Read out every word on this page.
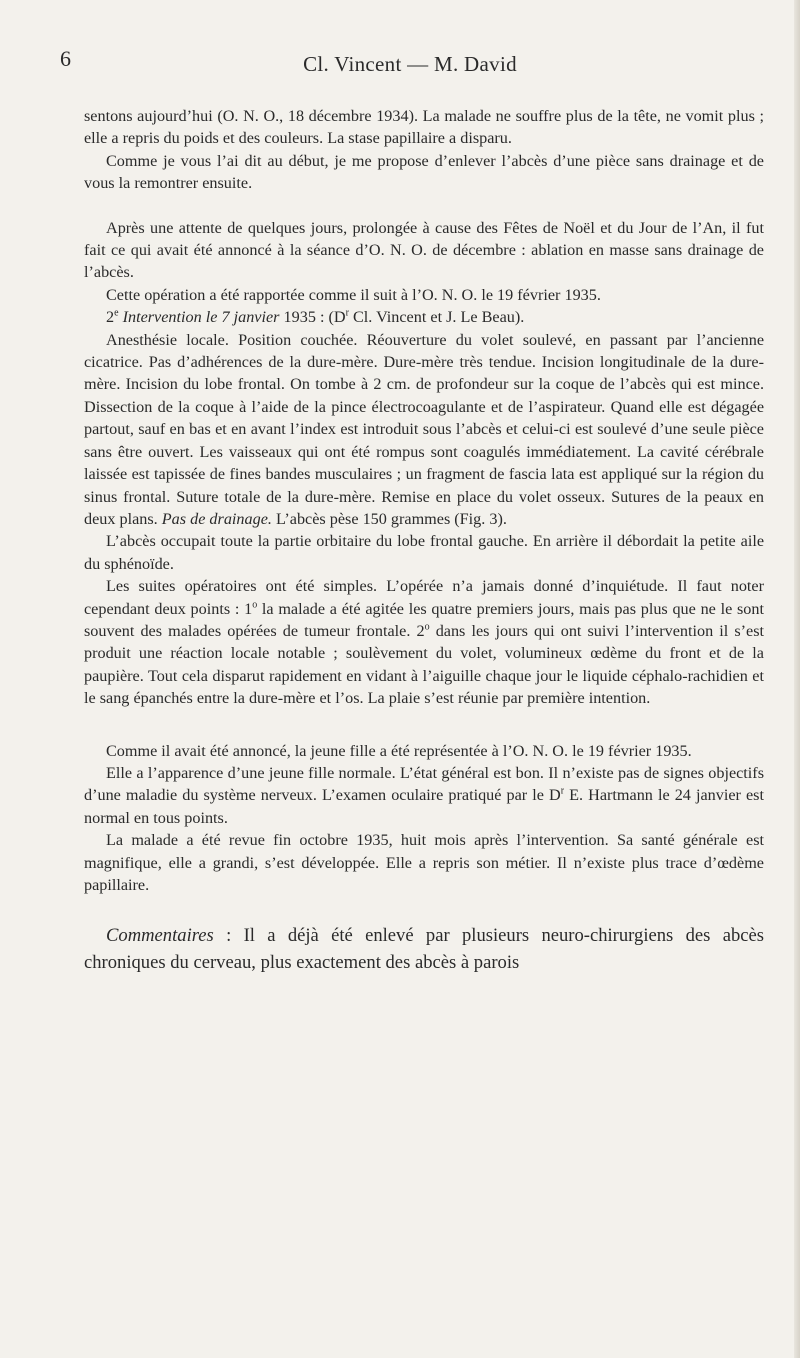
6	Cl. Vincent — M. David

sentons aujourd’hui (O. N. O., 18 décembre 1934). La malade ne souffre plus de la tête, ne vomit plus ; elle a repris du poids et des couleurs. La stase papillaire a disparu.

Comme je vous l’ai dit au début, je me propose d’enlever l’abcès d’une pièce sans drainage et de vous la remontrer ensuite.

Après une attente de quelques jours, prolongée à cause des Fêtes de Noël et du Jour de l’An, il fut fait ce qui avait été annoncé à la séance d’O. N. O. de décembre : ablation en masse sans drainage de l’abcès.

Cette opération a été rapportée comme il suit à l’O. N. O. le 19 février 1935.

2e Intervention le 7 janvier 1935 : ($D^r$ Cl. Vincent et J. Le Beau).

Anesthésie locale. Position couchée. Réouverture du volet soulevé, en passant par l’ancienne cicatrice. Pas d’adhérences de la dure-mère. Dure-mère très tendue. Incision longitudinale de la dure-mère. Incision du lobe frontal. On tombe à 2 cm. de profondeur sur la coque de l’abcès qui est mince. Dissection de la coque à l’aide de la pince électrocoagulante et de l’aspirateur. Quand elle est dégagée partout, sauf en bas et en avant l’index est introduit sous l’abcès et celui-ci est soulevé d’une seule pièce sans être ouvert. Les vaisseaux qui ont été rompus sont coagulés immédiatement. La cavité cérébrale laissée est tapissée de fines bandes musculaires ; un fragment de fascia lata est appliqué sur la région du sinus frontal. Suture totale de la dure-mère. Remise en place du volet osseux. Sutures de la peaux en deux plans. Pas de drainage. L’abcès pèse 150 grammes (Fig. 3).

L’abcès occupait toute la partie orbitaire du lobe frontal gauche. En arrière il débordait la petite aile du sphénoïde.

Les suites opératoires ont été simples. L’opérée n’a jamais donné d’inquiétude. Il faut noter cependant deux points : 1$^o$ la malade a été agitée les quatre premiers jours, mais pas plus que ne le sont souvent des malades opérées de tumeur frontale. 2$^o$ dans les jours qui ont suivi l’intervention il s’est produit une réaction locale notable ; soulèvement du volet, volumineux œdème du front et de la paupière. Tout cela disparut rapidement en vidant à l’aiguille chaque jour le liquide céphalo-rachidien et le sang épanchés entre la dure-mère et l’os. La plaie s’est réunie par première intention.

Comme il avait été annoncé, la jeune fille a été représentée à l’O. N. O. le 19 février 1935.

Elle a l’apparence d’une jeune fille normale. L’état général est bon. Il n’existe pas de signes objectifs d’une maladie du système nerveux. L’examen oculaire pratiqué par le $D^r$ E. Hartmann le 24 janvier est normal en tous points.

La malade a été revue fin octobre 1935, huit mois après l’intervention. Sa santé générale est magnifique, elle a grandi, s’est développée. Elle a repris son métier. Il n’existe plus trace d’œdème papillaire.

Commentaires : Il a déjà été enlevé par plusieurs neuro-chirurgiens des abcès chroniques du cerveau, plus exactement des abcès à parois
